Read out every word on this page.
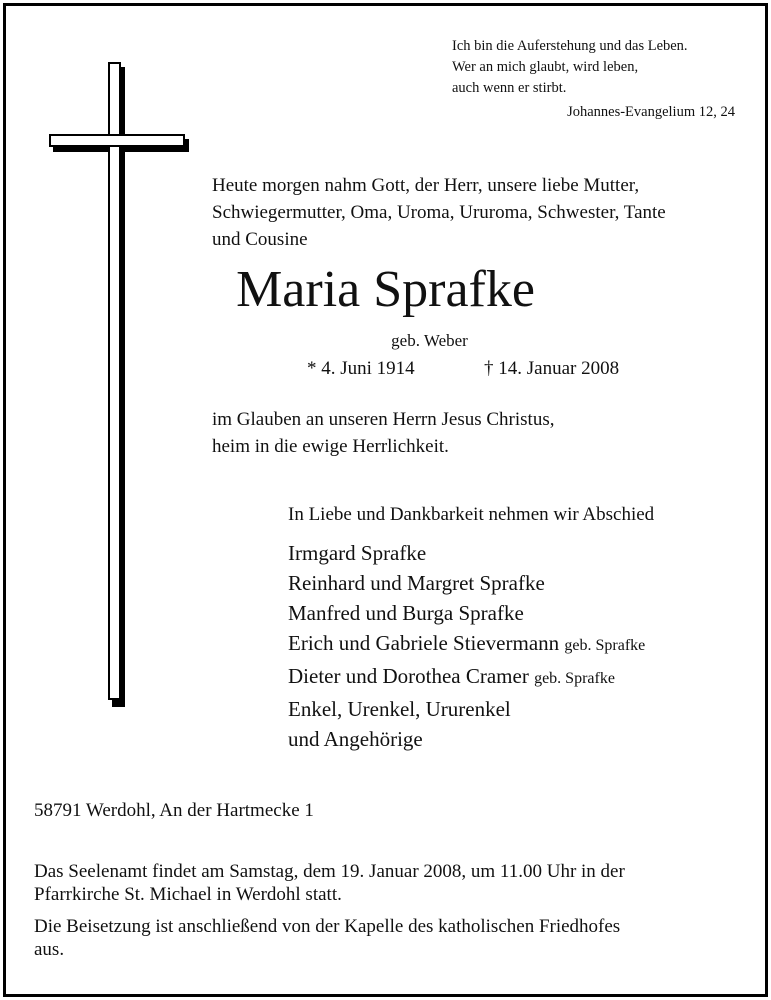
Ich bin die Auferstehung und das Leben.
Wer an mich glaubt, wird leben,
auch wenn er stirbt.
Johannes-Evangelium 12, 24
Heute morgen nahm Gott, der Herr, unsere liebe Mutter,
Schwiegermutter, Oma, Uroma, Ururoma, Schwester, Tante
und Cousine
Maria Sprafke
geb. Weber
* 4. Juni 1914	† 14. Januar 2008
im Glauben an unseren Herrn Jesus Christus,
heim in die ewige Herrlichkeit.
In Liebe und Dankbarkeit nehmen wir Abschied
Irmgard Sprafke
Reinhard und Margret Sprafke
Manfred und Burga Sprafke
Erich und Gabriele Stievermann geb. Sprafke
Dieter und Dorothea Cramer geb. Sprafke
Enkel, Urenkel, Ururenkel
und Angehörige
58791 Werdohl, An der Hartmecke 1
Das Seelenamt findet am Samstag, dem 19. Januar 2008, um 11.00 Uhr in der
Pfarrkirche St. Michael in Werdohl statt.
Die Beisetzung ist anschließend von der Kapelle des katholischen Friedhofes
aus.
